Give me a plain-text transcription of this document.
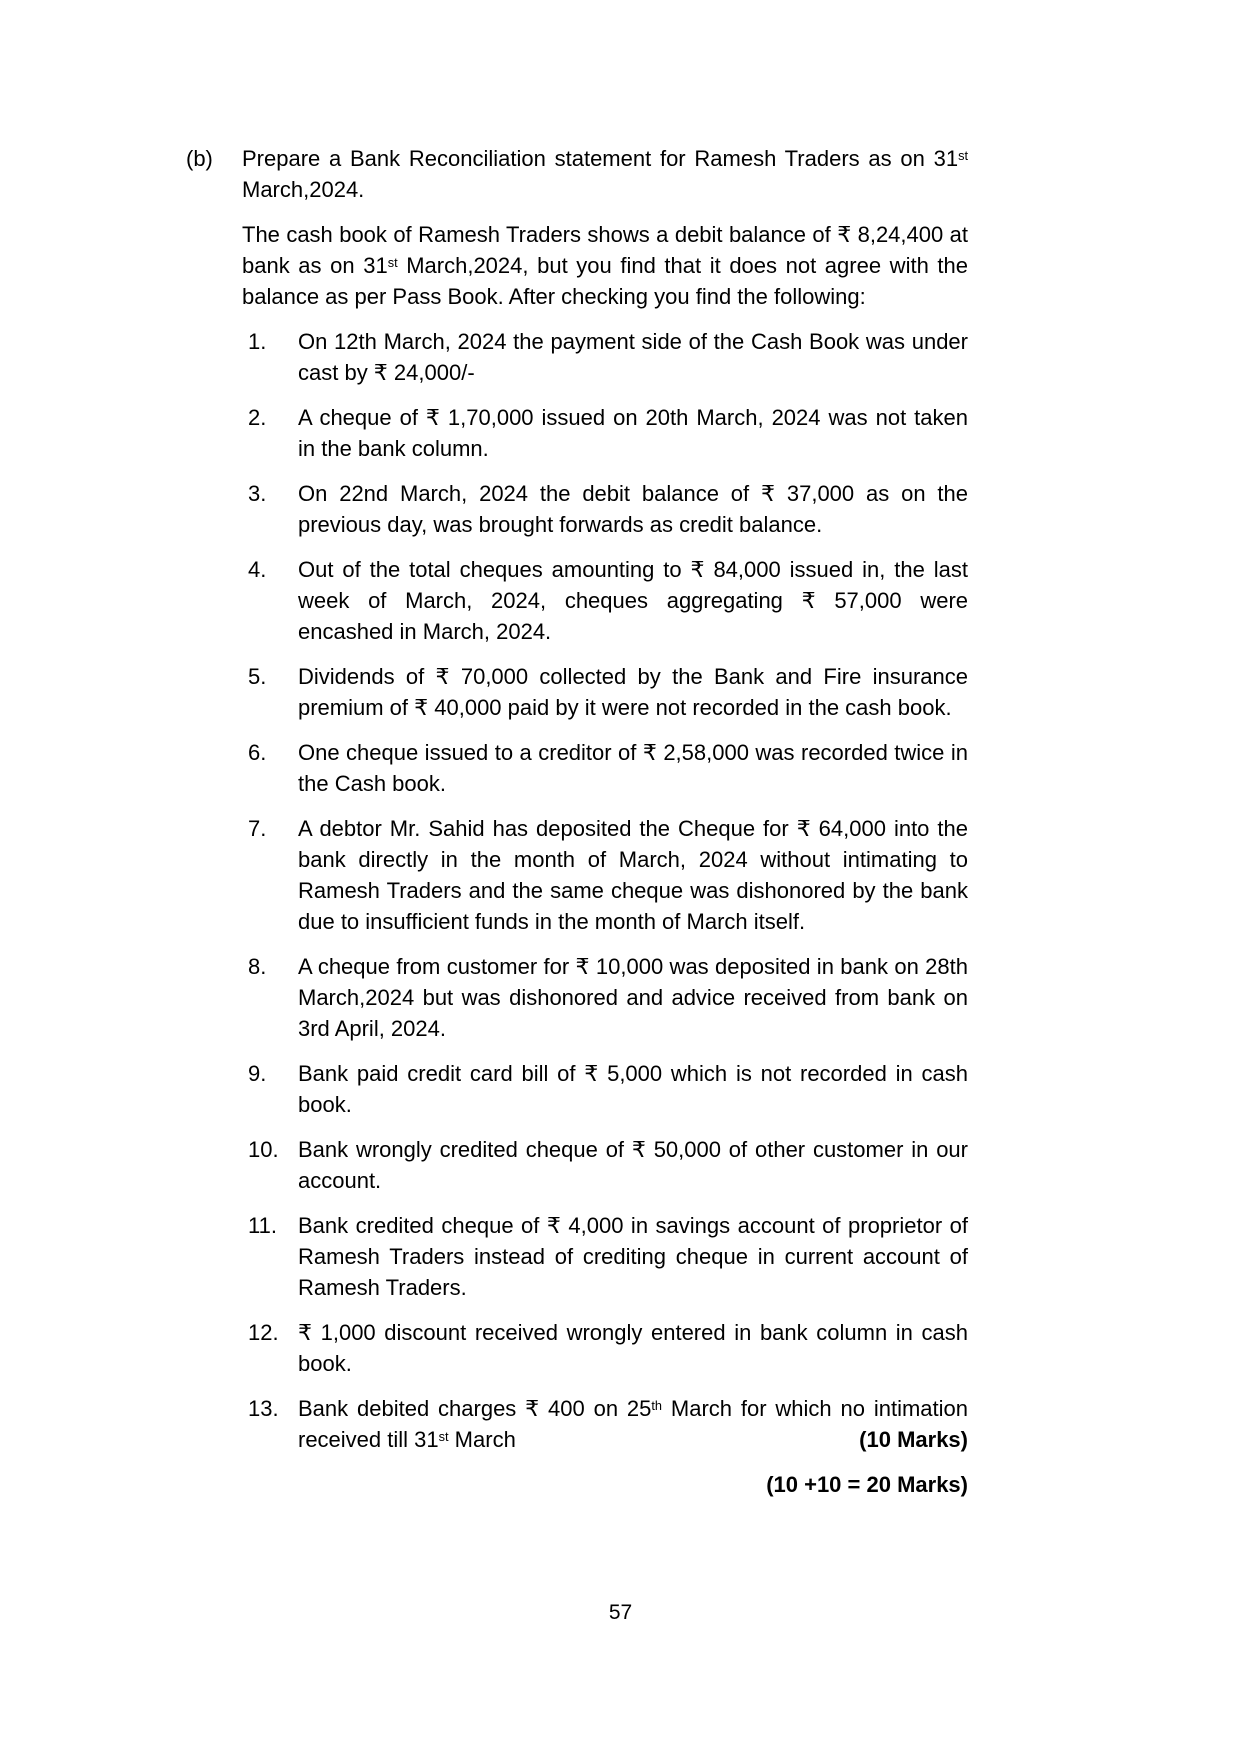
(b)	Prepare a Bank Reconciliation statement for Ramesh Traders as on 31st March,2024.
The cash book of Ramesh Traders shows a debit balance of ₹ 8,24,400 at bank as on 31st March,2024, but you find that it does not agree with the balance as per Pass Book. After checking you find the following:
1.	On 12th March, 2024 the payment side of the Cash Book was under cast by ₹ 24,000/-
2.	A cheque of ₹ 1,70,000 issued on 20th March, 2024 was not taken in the bank column.
3.	On 22nd March, 2024 the debit balance of ₹ 37,000 as on the previous day, was brought forwards as credit balance.
4.	Out of the total cheques amounting to ₹ 84,000 issued in, the last week of March, 2024, cheques aggregating ₹ 57,000 were encashed in March, 2024.
5.	Dividends of ₹ 70,000 collected by the Bank and Fire insurance premium of ₹ 40,000 paid by it were not recorded in the cash book.
6.	One cheque issued to a creditor of ₹ 2,58,000 was recorded twice in the Cash book.
7.	A debtor Mr. Sahid has deposited the Cheque for ₹ 64,000 into the bank directly in the month of March, 2024 without intimating to Ramesh Traders and the same cheque was dishonored by the bank due to insufficient funds in the month of March itself.
8.	A cheque from customer for ₹ 10,000 was deposited in bank on 28th March,2024 but was dishonored and advice received from bank on 3rd April, 2024.
9.	Bank paid credit card bill of ₹ 5,000 which is not recorded in cash book.
10. Bank wrongly credited cheque of ₹ 50,000 of other customer in our account.
11. Bank credited cheque of ₹ 4,000 in savings account of proprietor of Ramesh Traders instead of crediting cheque in current account of Ramesh Traders.
12. ₹ 1,000 discount received wrongly entered in bank column in cash book.
13. Bank debited charges ₹ 400 on 25th March for which no intimation received till 31st March	(10 Marks)
(10 +10 = 20 Marks)
57
